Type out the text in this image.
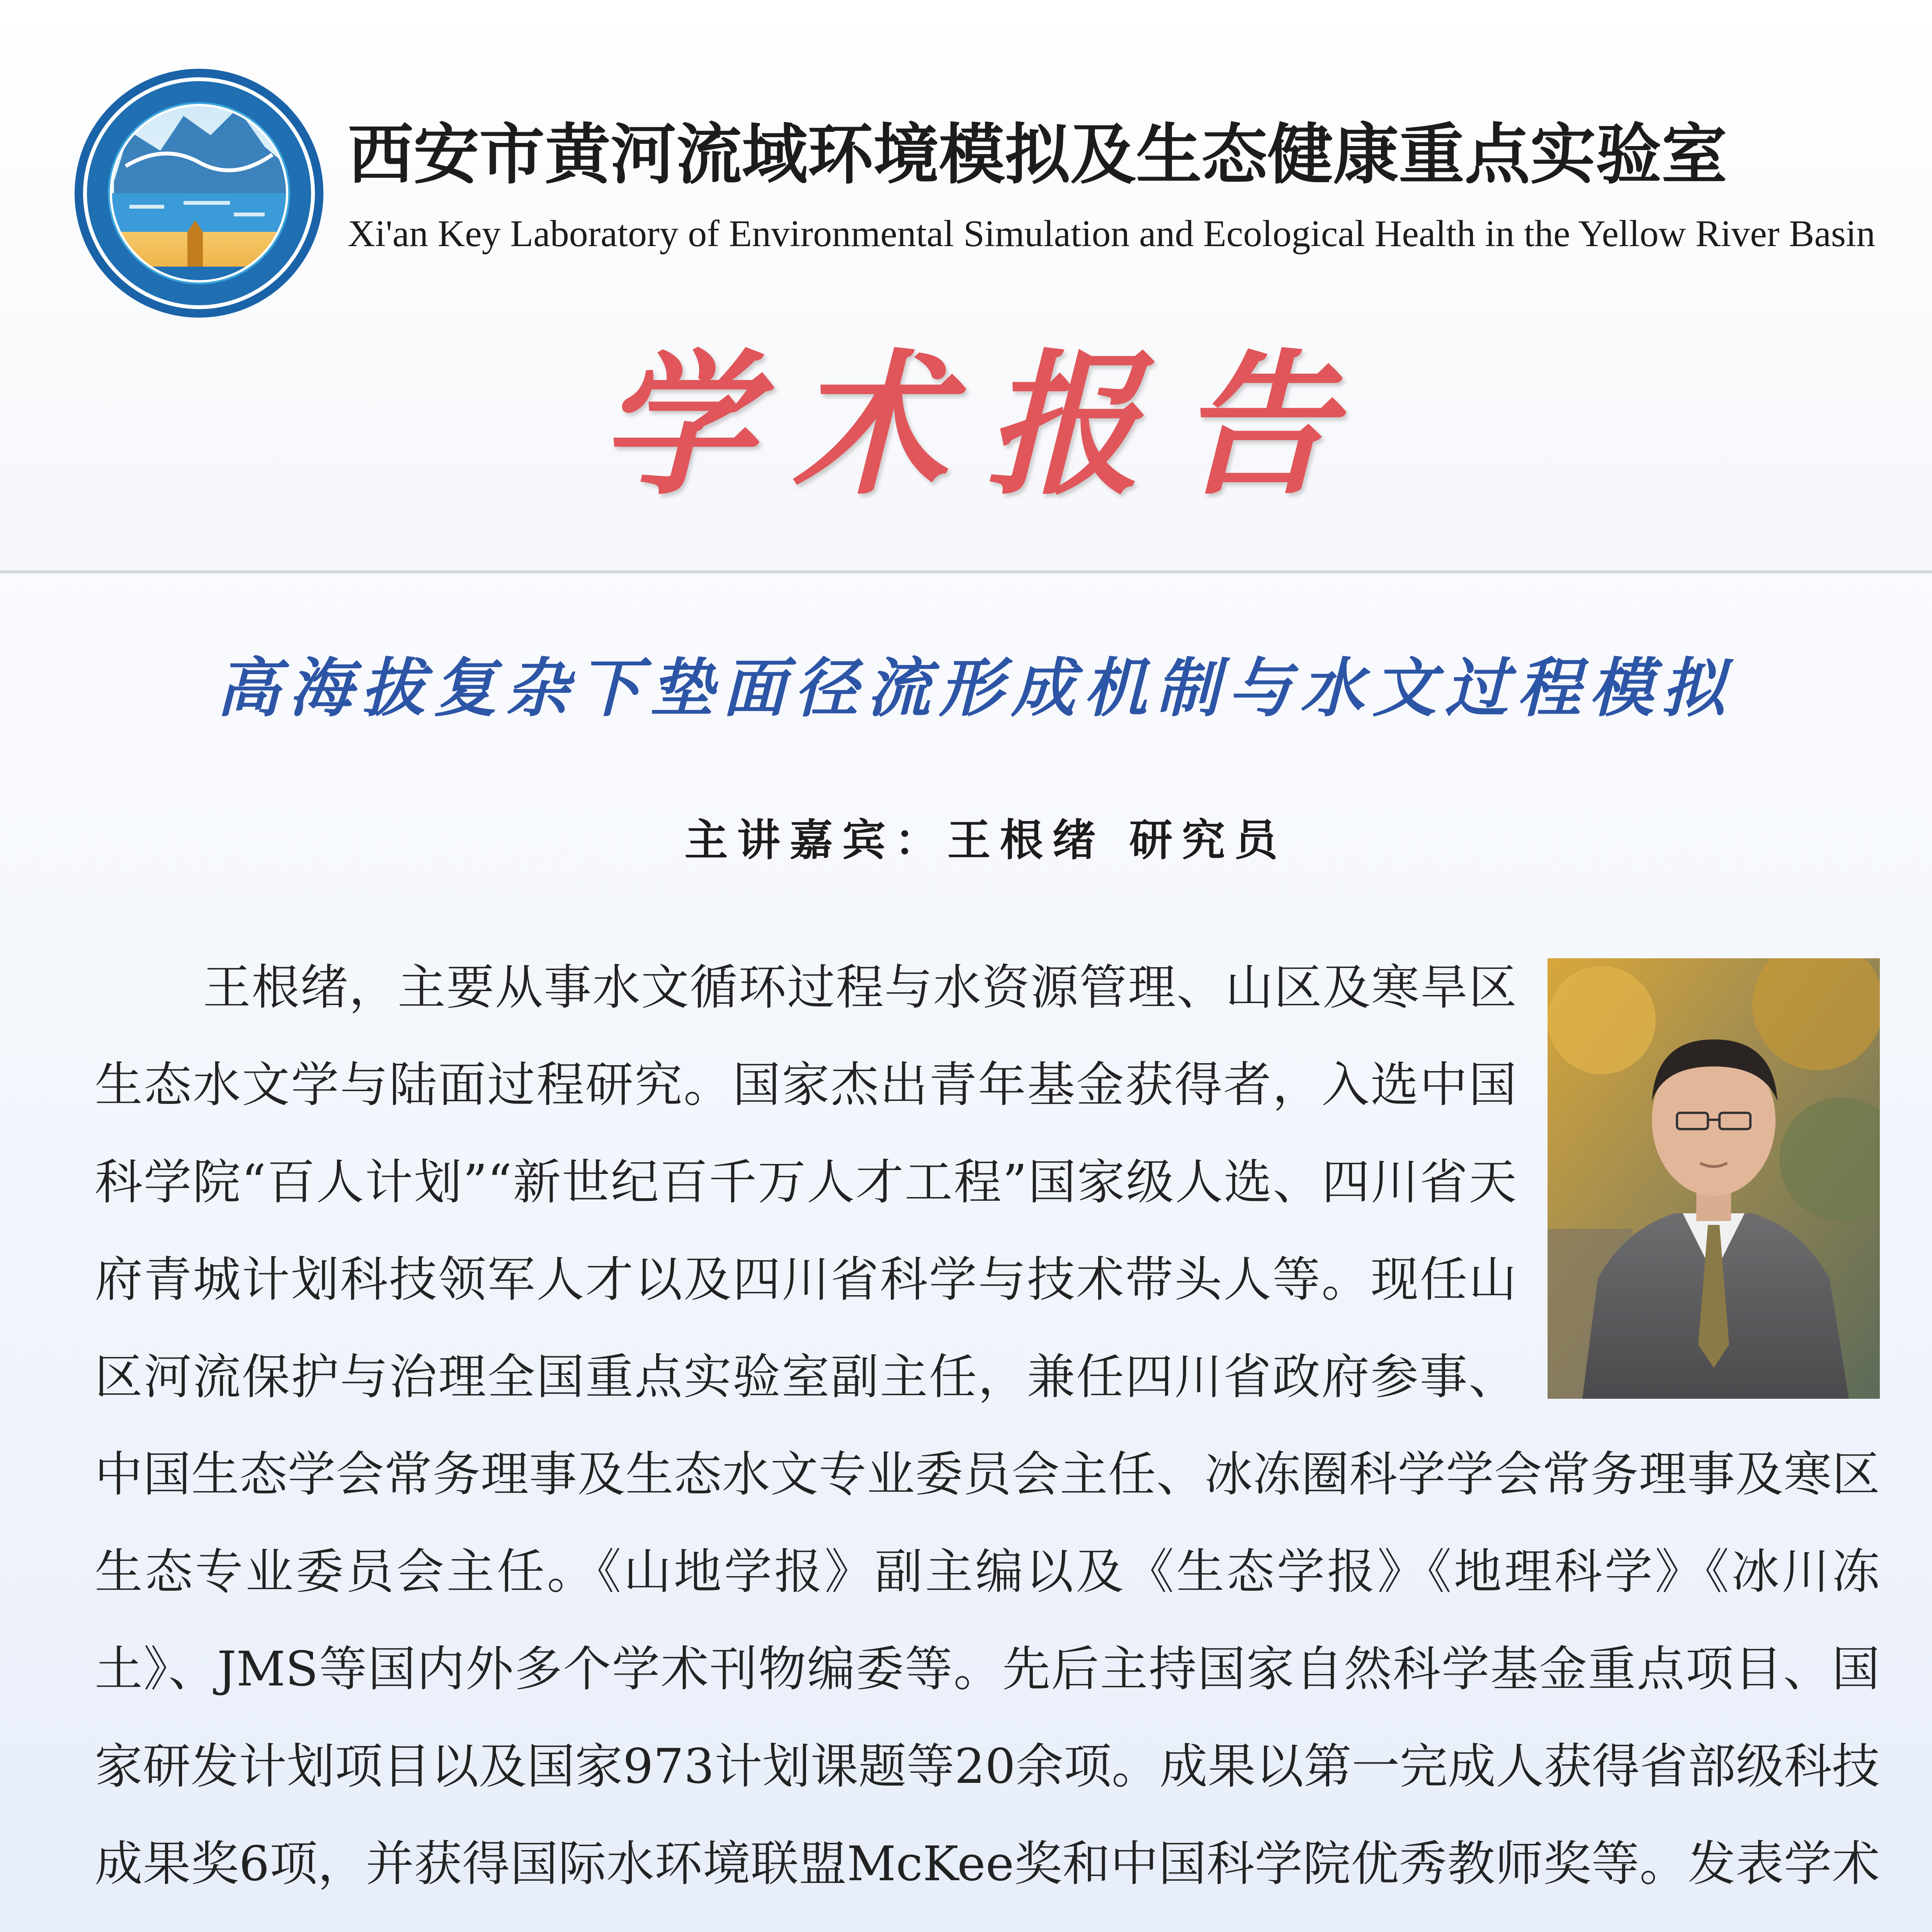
西安市黄河流域环境模拟及生态健康重点实验室
Xi'an Key Laboratory of Environmental Simulation and Ecological Health in the Yellow River Basin
学术报告
高海拔复杂下垫面径流形成机制与水文过程模拟
主讲嘉宾：王根绪 研究员

王根绪，主要从事水文循环过程与水资源管理、山区及寒旱区生态水文学与陆面过程研究。国家杰出青年基金获得者，入选中国科学院“百人计划”“新世纪百千万人才工程”国家级人选、四川省天府青城计划科技领军人才以及四川省科学与技术带头人等。现任山区河流保护与治理全国重点实验室副主任，兼任四川省政府参事、中国生态学会常务理事及生态水文专业委员会主任、冰冻圈科学学会常务理事及寒区生态专业委员会主任。《山地学报》副主编以及《生态学报》《地理科学》《冰川冻土》、JMS等国内外多个学术刊物编委等。先后主持国家自然科学基金重点项目、国家研发计划项目以及国家973计划课题等20余项。成果以第一完成人获得省部级科技成果奖6项，并获得国际水环境联盟McKee奖和中国科学院优秀教师奖等。发表学术
